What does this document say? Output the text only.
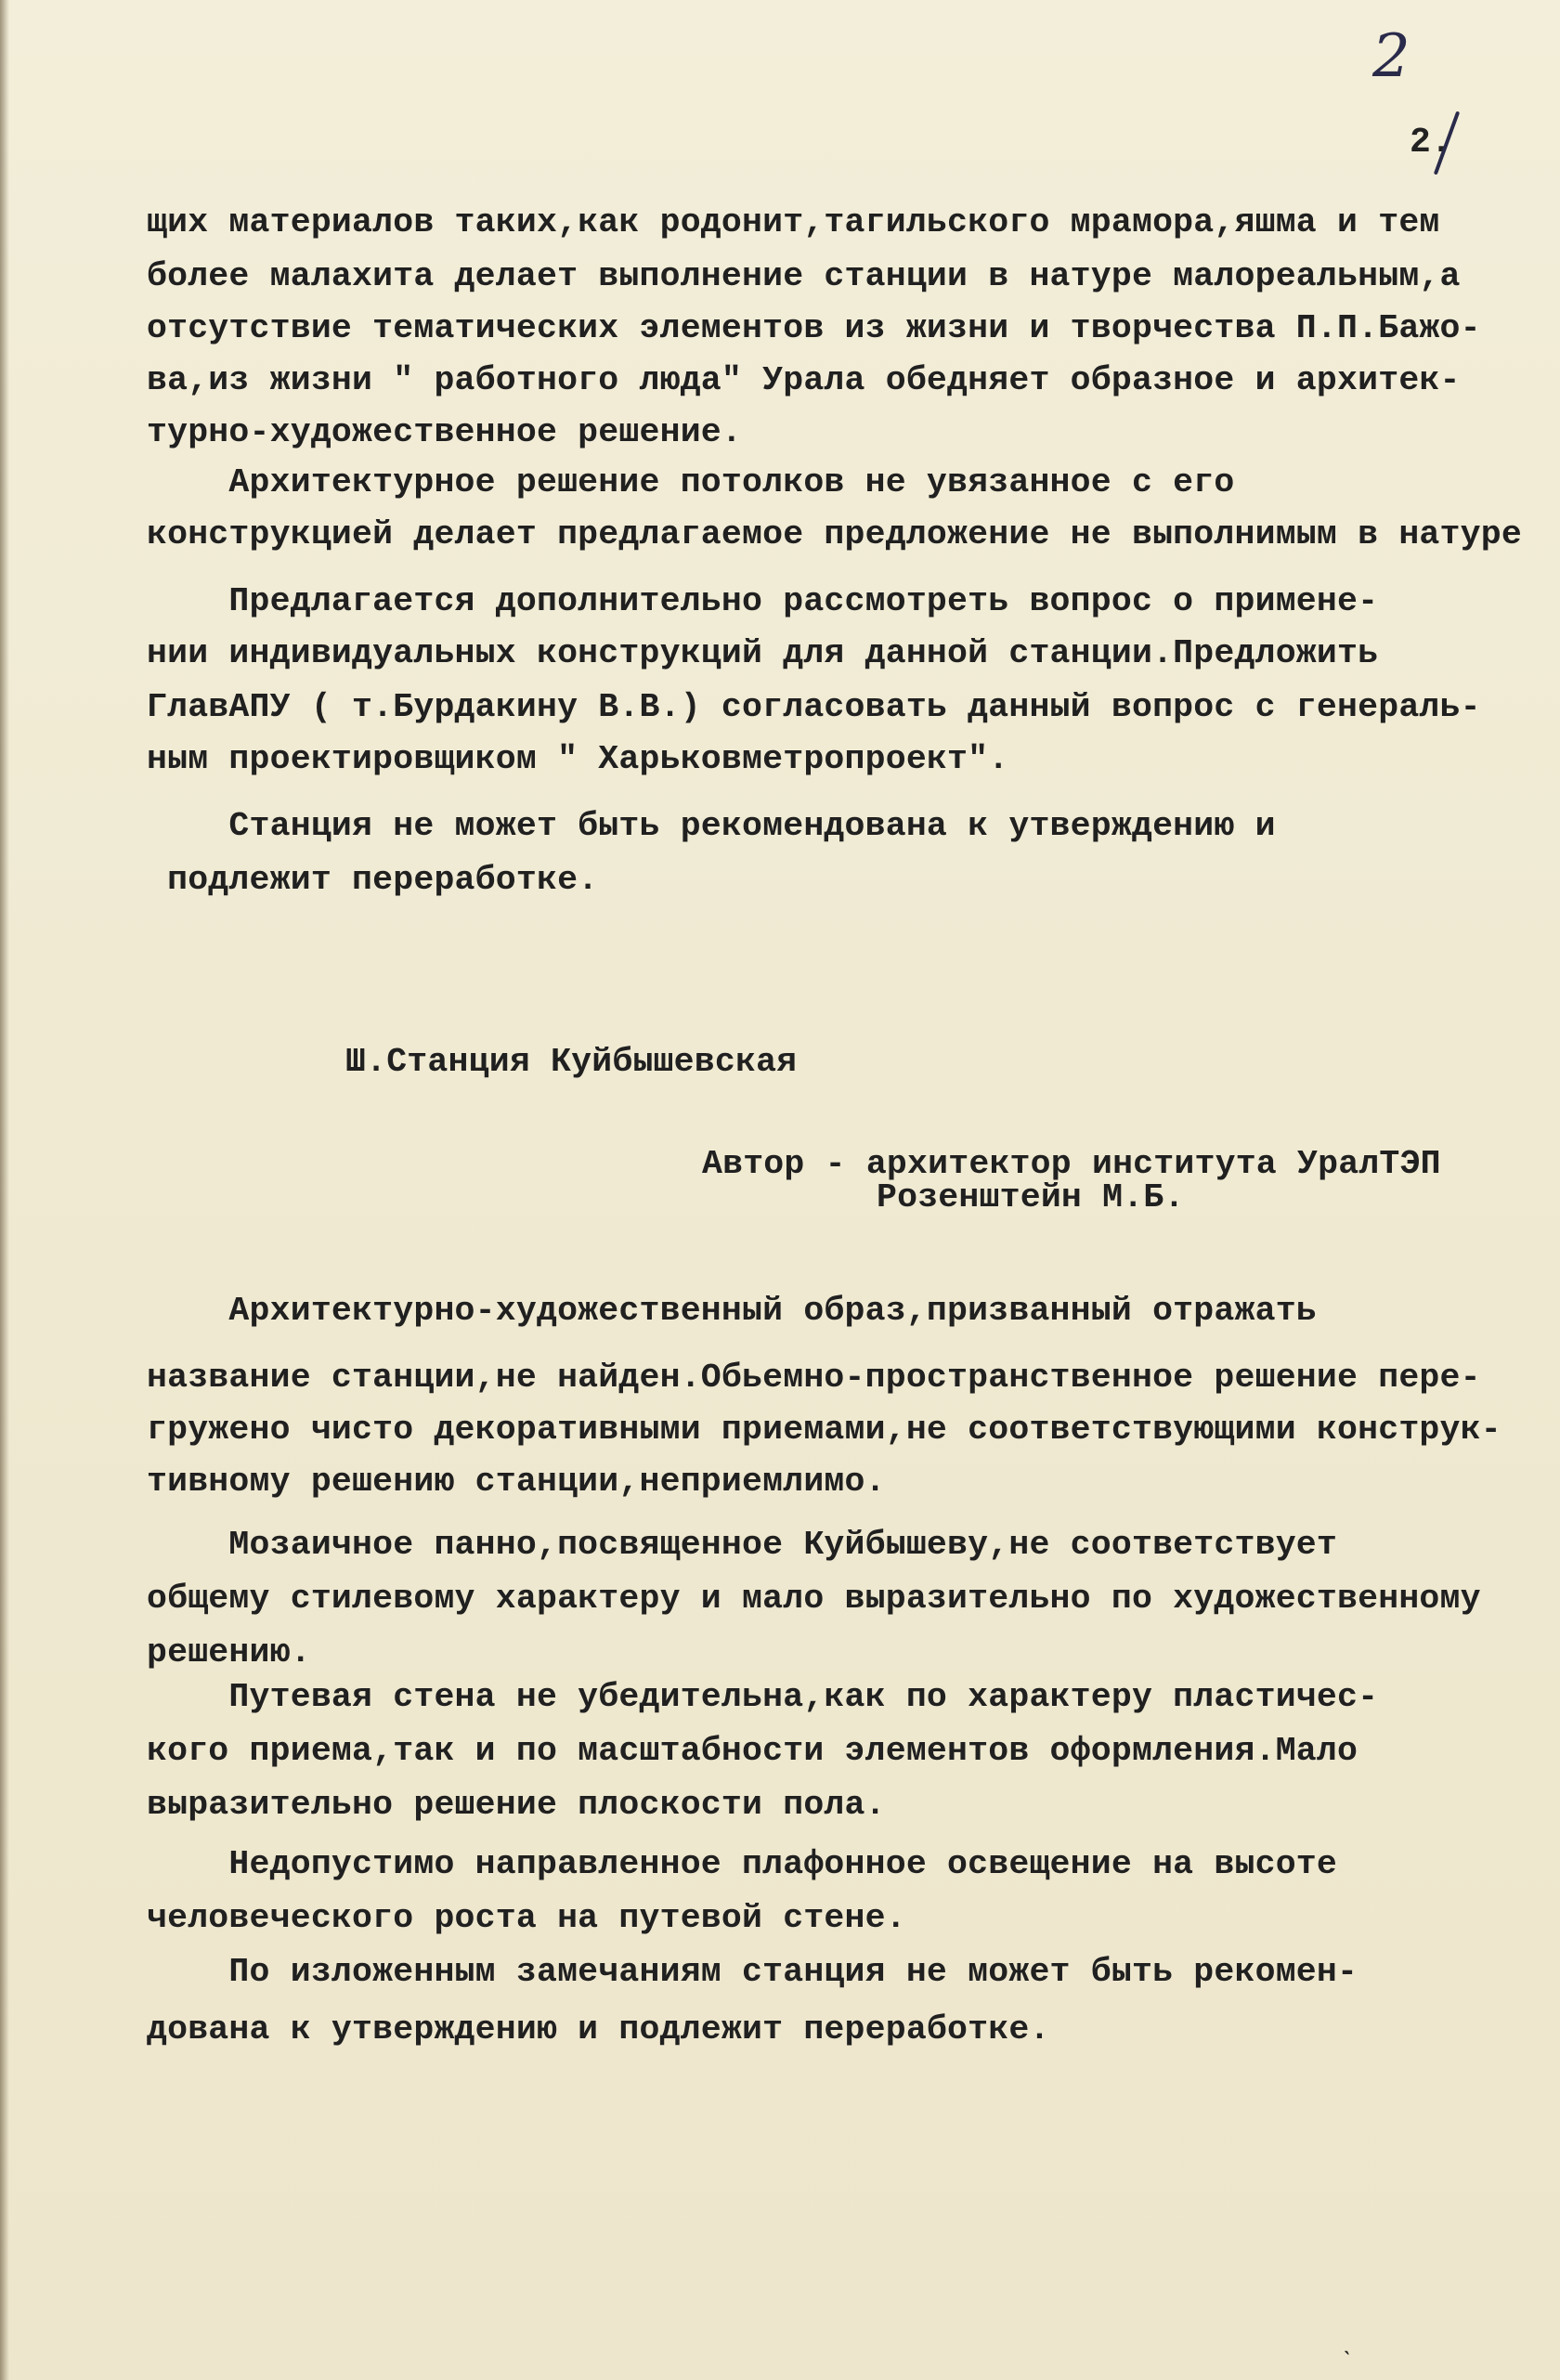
2
2.
щих материалов таких,как родонит,тагильского мрамора,яшма и тем
более малахита делает выполнение станции в натуре малореальным,а
отсутствие тематических элементов из жизни и творчества П.П.Бажо-
ва,из жизни " работного люда" Урала обедняет образное и архитек-
турно-художественное решение.
Архитектурное решение потолков не увязанное с его
конструкцией делает предлагаемое предложение не выполнимым в натуре
Предлагается дополнительно рассмотреть вопрос о примене-
нии индивидуальных конструкций для данной станции.Предложить
ГлавАПУ ( т.Бурдакину В.В.) согласовать данный вопрос с генераль-
ным проектировщиком " Харьковметропроект".
Станция не может быть рекомендована к утверждению и
подлежит переработке.
Ш.Станция Куйбышевская
Автор - архитектор института УралТЭП
Розенштейн М.Б.
Архитектурно-художественный образ,призванный отражать
название станции,не найден.Обьемно-пространственное решение пере-
гружено чисто декоративными приемами,не соответствующими конструк-
тивному решению станции,неприемлимо.
Мозаичное панно,посвященное Куйбышеву,не соответствует
общему стилевому характеру и мало выразительно по художественному
решению.
Путевая стена не убедительна,как по характеру пластичес-
кого приема,так и по масштабности элементов оформления.Мало
выразительно решение плоскости пола.
Недопустимо направленное плафонное освещение на высоте
человеческого роста на путевой стене.
По изложенным замечаниям станция не может быть рекомен-
дована к утверждению и подлежит переработке.
ˎ
